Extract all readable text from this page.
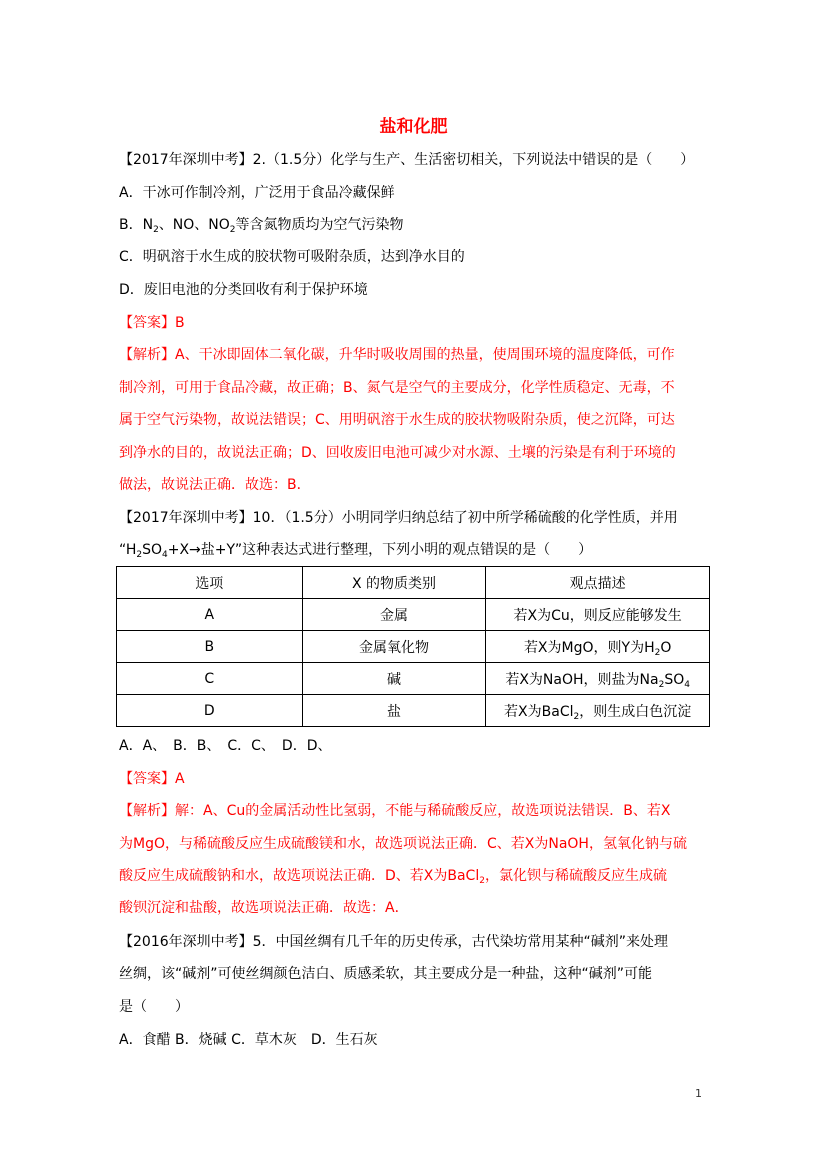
盐和化肥
【2017年深圳中考】2.（1.5分）化学与生产、生活密切相关，下列说法中错误的是（　　）
A．干冰可作制冷剂，广泛用于食品冷藏保鲜
B．$N_2$、NO、$NO_2$等含氮物质均为空气污染物
C．明矾溶于水生成的胶状物可吸附杂质，达到净水目的
D．废旧电池的分类回收有利于保护环境
【答案】B
【解析】A、干冰即固体二氧化碳，升华时吸收周围的热量，使周围环境的温度降低，可作
制冷剂，可用于食品冷藏，故正确；B、氮气是空气的主要成分，化学性质稳定、无毒，不
属于空气污染物，故说法错误；C、用明矾溶于水生成的胶状物吸附杂质，使之沉降，可达
到净水的目的，故说法正确；D、回收废旧电池可减少对水源、土壤的污染是有利于环境的
做法，故说法正确．故选：B．
【2017年深圳中考】10．（1.5分）小明同学归纳总结了初中所学稀硫酸的化学性质，并用
“$H_2SO_4+X\to$盐+Y”这种表达式进行整理，下列小明的观点错误的是（　　）
选项	X 的物质类别	观点描述
A	金属	若X为Cu，则反应能够发生
B	金属氧化物	若X为MgO，则Y为$H_2O$
C	碱	若X为NaOH，则盐为$Na_2SO_4$
D	盐	若X为BaCl$_2$，则生成白色沉淀
A．A、　B．B、　C．C、　D．D、
【答案】A
【解析】解：A、Cu的金属活动性比氢弱，不能与稀硫酸反应，故选项说法错误．B、若X
为MgO，与稀硫酸反应生成硫酸镁和水，故选项说法正确．C、若X为NaOH，氢氧化钠与硫
酸反应生成硫酸钠和水，故选项说法正确．D、若X为BaCl$_2$，氯化钡与稀硫酸反应生成硫
酸钡沉淀和盐酸，故选项说法正确．故选：A．
【2016年深圳中考】5．中国丝绸有几千年的历史传承，古代染坊常用某种“碱剂”来处理
丝绸，该“碱剂”可使丝绸颜色洁白、质感柔软，其主要成分是一种盐，这种“碱剂”可能
是（　　）
A．食醋 B．烧碱 C．草木灰　D．生石灰
1
